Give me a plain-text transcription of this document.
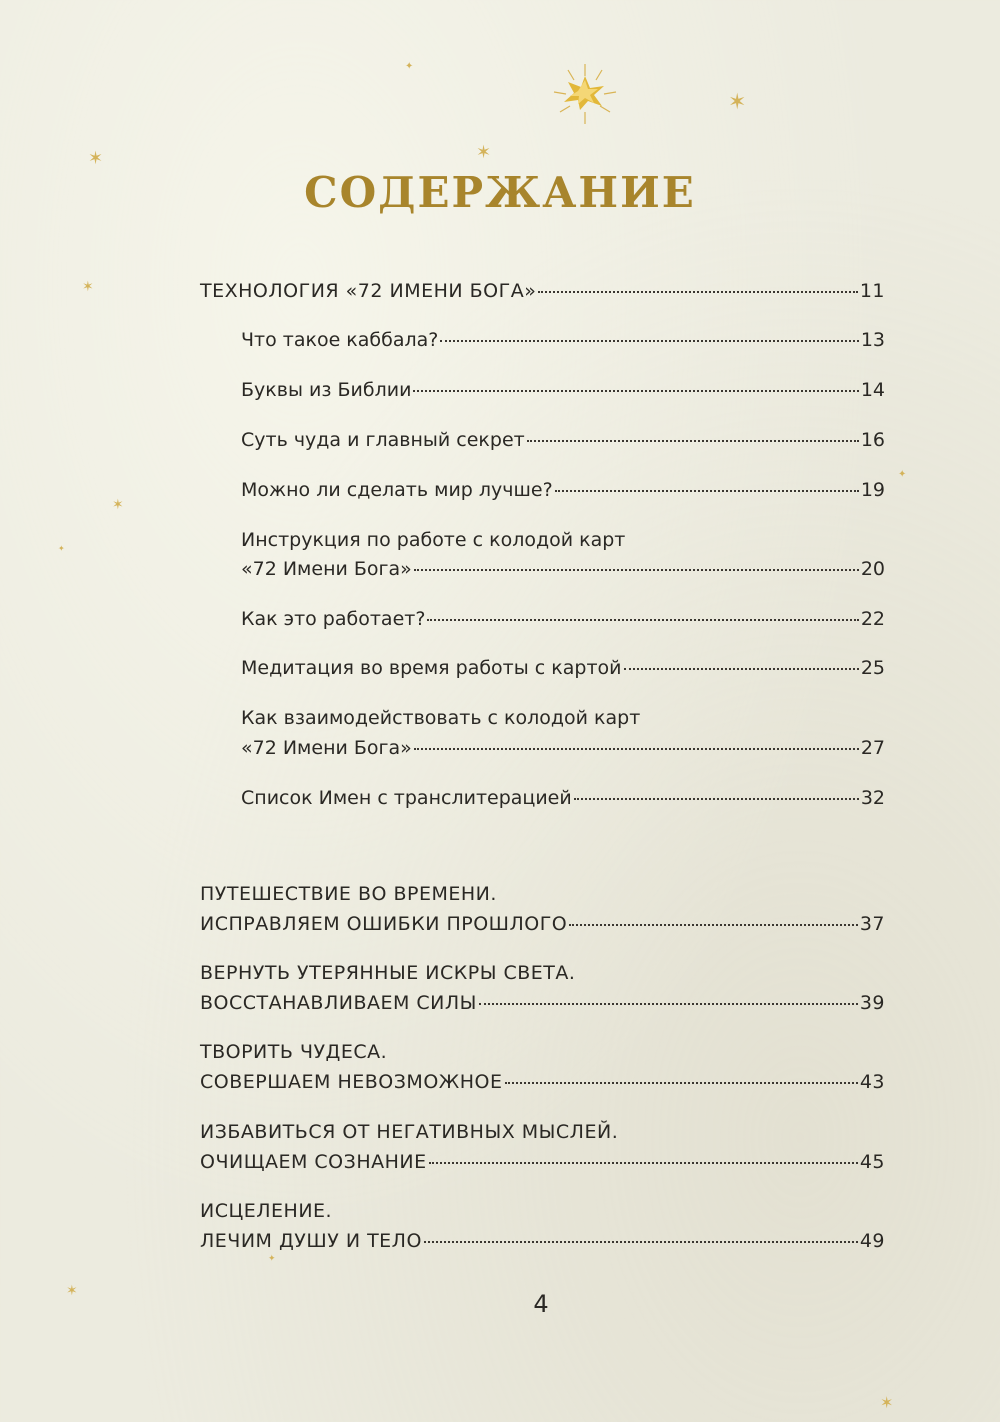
✶
✶
✦
✶
✶
✶
✦
✦
✶
✶
✦
СОДЕРЖАНИЕ
ТЕХНОЛОГИЯ «72 ИМЕНИ БОГА»	11
Что такое каббала?	13
Буквы из Библии	14
Суть чуда и главный секрет	16
Можно ли сделать мир лучше?	19
Инструкция по работе с колодой карт
«72 Имени Бога»	20
Как это работает?	22
Медитация во время работы с картой	25
Как взаимодействовать с колодой карт
«72 Имени Бога»	27
Список Имен с транслитерацией	32
ПУТЕШЕСТВИЕ ВО ВРЕМЕНИ.
ИСПРАВЛЯЕМ ОШИБКИ ПРОШЛОГО	37
ВЕРНУТЬ УТЕРЯННЫЕ ИСКРЫ СВЕТА.
ВОССТАНАВЛИВАЕМ СИЛЫ	39
ТВОРИТЬ ЧУДЕСА.
СОВЕРШАЕМ НЕВОЗМОЖНОЕ	43
ИЗБАВИТЬСЯ ОТ НЕГАТИВНЫХ МЫСЛЕЙ.
ОЧИЩАЕМ СОЗНАНИЕ	45
ИСЦЕЛЕНИЕ.
ЛЕЧИМ ДУШУ И ТЕЛО	49
4
